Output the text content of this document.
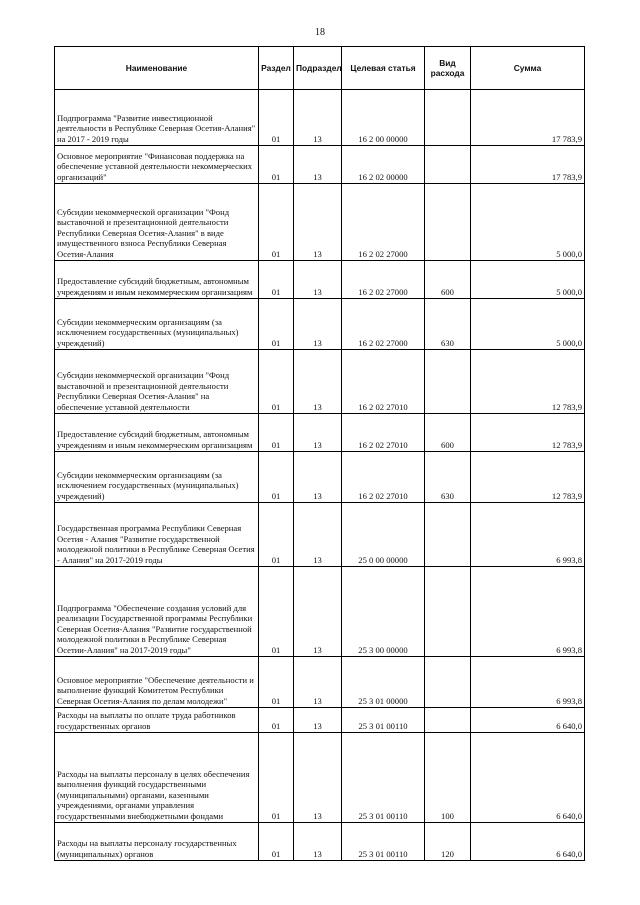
18
Наименование	Раздел	Подраздел	Целевая статья	Вид расхода	Сумма
Подпрограмма "Развитие инвестиционной деятельности в Республике Северная Осетия-Алания" на 2017 - 2019 годы	01	13	16 2 00 00000		17 783,9
Основное мероприятие "Финансовая поддержка на обеспечение уставной деятельности некоммерческих организаций"	01	13	16 2 02 00000		17 783,9
Субсидии некоммерческой организации "Фонд выставочной и презентационной деятельности Республики Северная Осетия-Алания" в виде имущественного взноса Республики Северная Осетия-Алания	01	13	16 2 02 27000		5 000,0
Предоставление субсидий бюджетным, автономным учреждениям и иным некоммерческим организациям	01	13	16 2 02 27000	600	5 000,0
Субсидии некоммерческим организациям (за исключением государственных (муниципальных) учреждений)	01	13	16 2 02 27000	630	5 000,0
Субсидии некоммерческой организации "Фонд выставочной и презентационной деятельности Республики Северная Осетия-Алания" на обеспечение уставной деятельности	01	13	16 2 02 27010		12 783,9
Предоставление субсидий бюджетным, автономным учреждениям и иным некоммерческим организациям	01	13	16 2 02 27010	600	12 783,9
Субсидии некоммерческим организациям (за исключением государственных (муниципальных) учреждений)	01	13	16 2 02 27010	630	12 783,9
Государственная программа Республики Северная Осетия - Алания "Развитие государственной молодежной политики в Республике Северная Осетия - Алания" на 2017-2019 годы	01	13	25 0 00 00000		6 993,8
Подпрограмма "Обеспечение создания условий для реализации Государственной программы Республики Северная Осетия-Алания "Развитие государственной молодежной политики в Республике Северная Осетии-Алания" на 2017-2019 годы"	01	13	25 3 00 00000		6 993,8
Основное мероприятие "Обеспечение деятельности и выполнение функций Комитетом Республики Северная Осетия-Алания по делам молодежи"	01	13	25 3 01 00000		6 993,8
Расходы на выплаты по оплате труда работников государственных органов	01	13	25 3 01 00110		6 640,0
Расходы на выплаты персоналу в целях обеспечения выполнения функций государственными (муниципальными) органами, казенными учреждениями, органами управления государственными внебюджетными фондами	01	13	25 3 01 00110	100	6 640,0
Расходы на выплаты персоналу государственных (муниципальных) органов	01	13	25 3 01 00110	120	6 640,0
